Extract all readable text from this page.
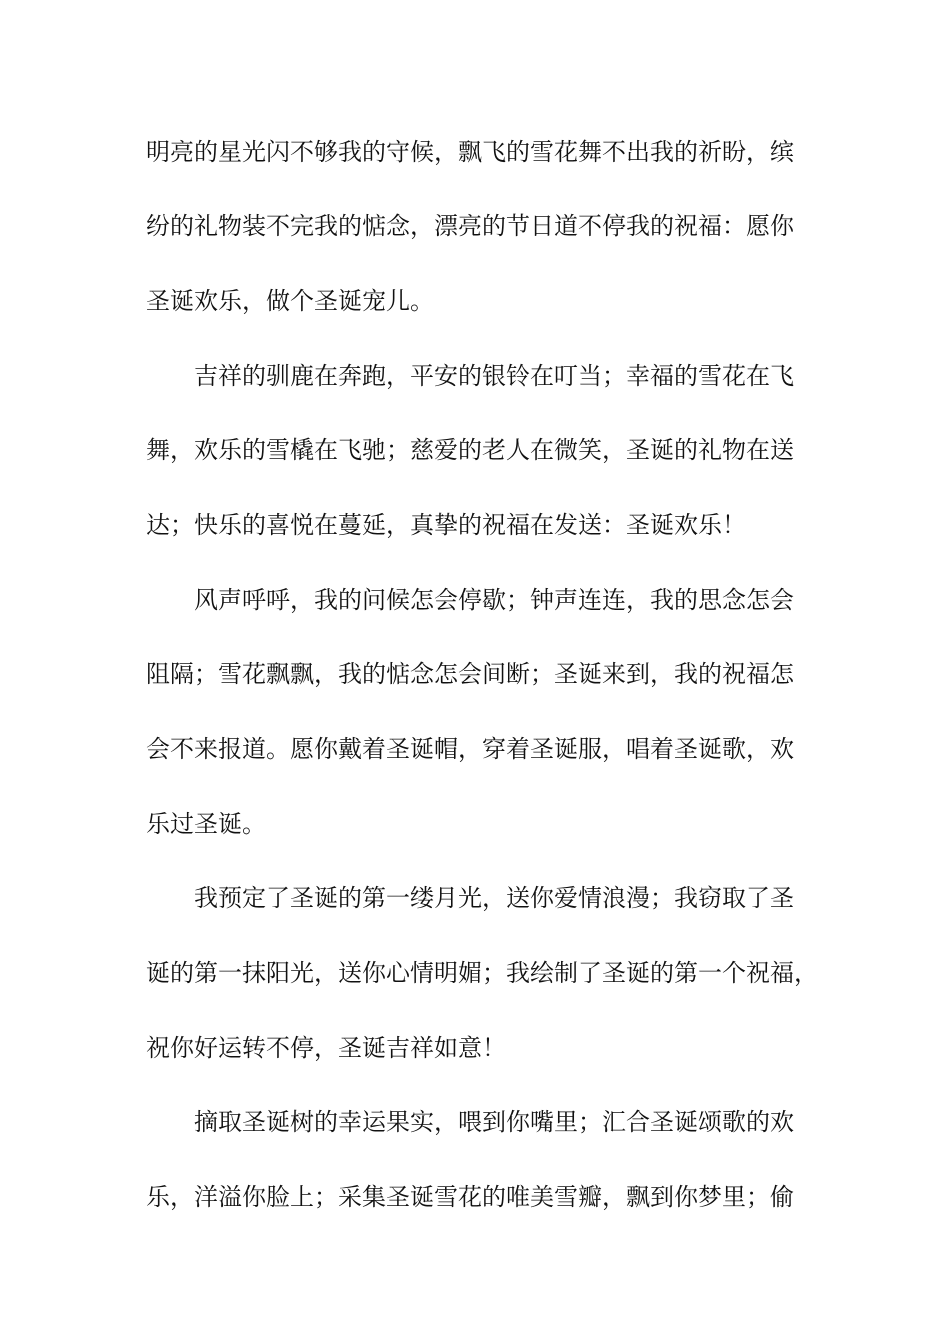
明亮的星光闪不够我的守候，飘飞的雪花舞不出我的祈盼，缤
纷的礼物装不完我的惦念，漂亮的节日道不停我的祝福：愿你
圣诞欢乐，做个圣诞宠儿。
吉祥的驯鹿在奔跑，平安的银铃在叮当；幸福的雪花在飞
舞，欢乐的雪橇在飞驰；慈爱的老人在微笑，圣诞的礼物在送
达；快乐的喜悦在蔓延，真挚的祝福在发送：圣诞欢乐！
风声呼呼，我的问候怎会停歇；钟声连连，我的思念怎会
阻隔；雪花飘飘，我的惦念怎会间断；圣诞来到，我的祝福怎
会不来报道。愿你戴着圣诞帽，穿着圣诞服，唱着圣诞歌，欢
乐过圣诞。
我预定了圣诞的第一缕月光，送你爱情浪漫；我窃取了圣
诞的第一抹阳光，送你心情明媚；我绘制了圣诞的第一个祝福，
祝你好运转不停，圣诞吉祥如意！
摘取圣诞树的幸运果实，喂到你嘴里；汇合圣诞颂歌的欢
乐，洋溢你脸上；采集圣诞雪花的唯美雪瓣，飘到你梦里；偷
